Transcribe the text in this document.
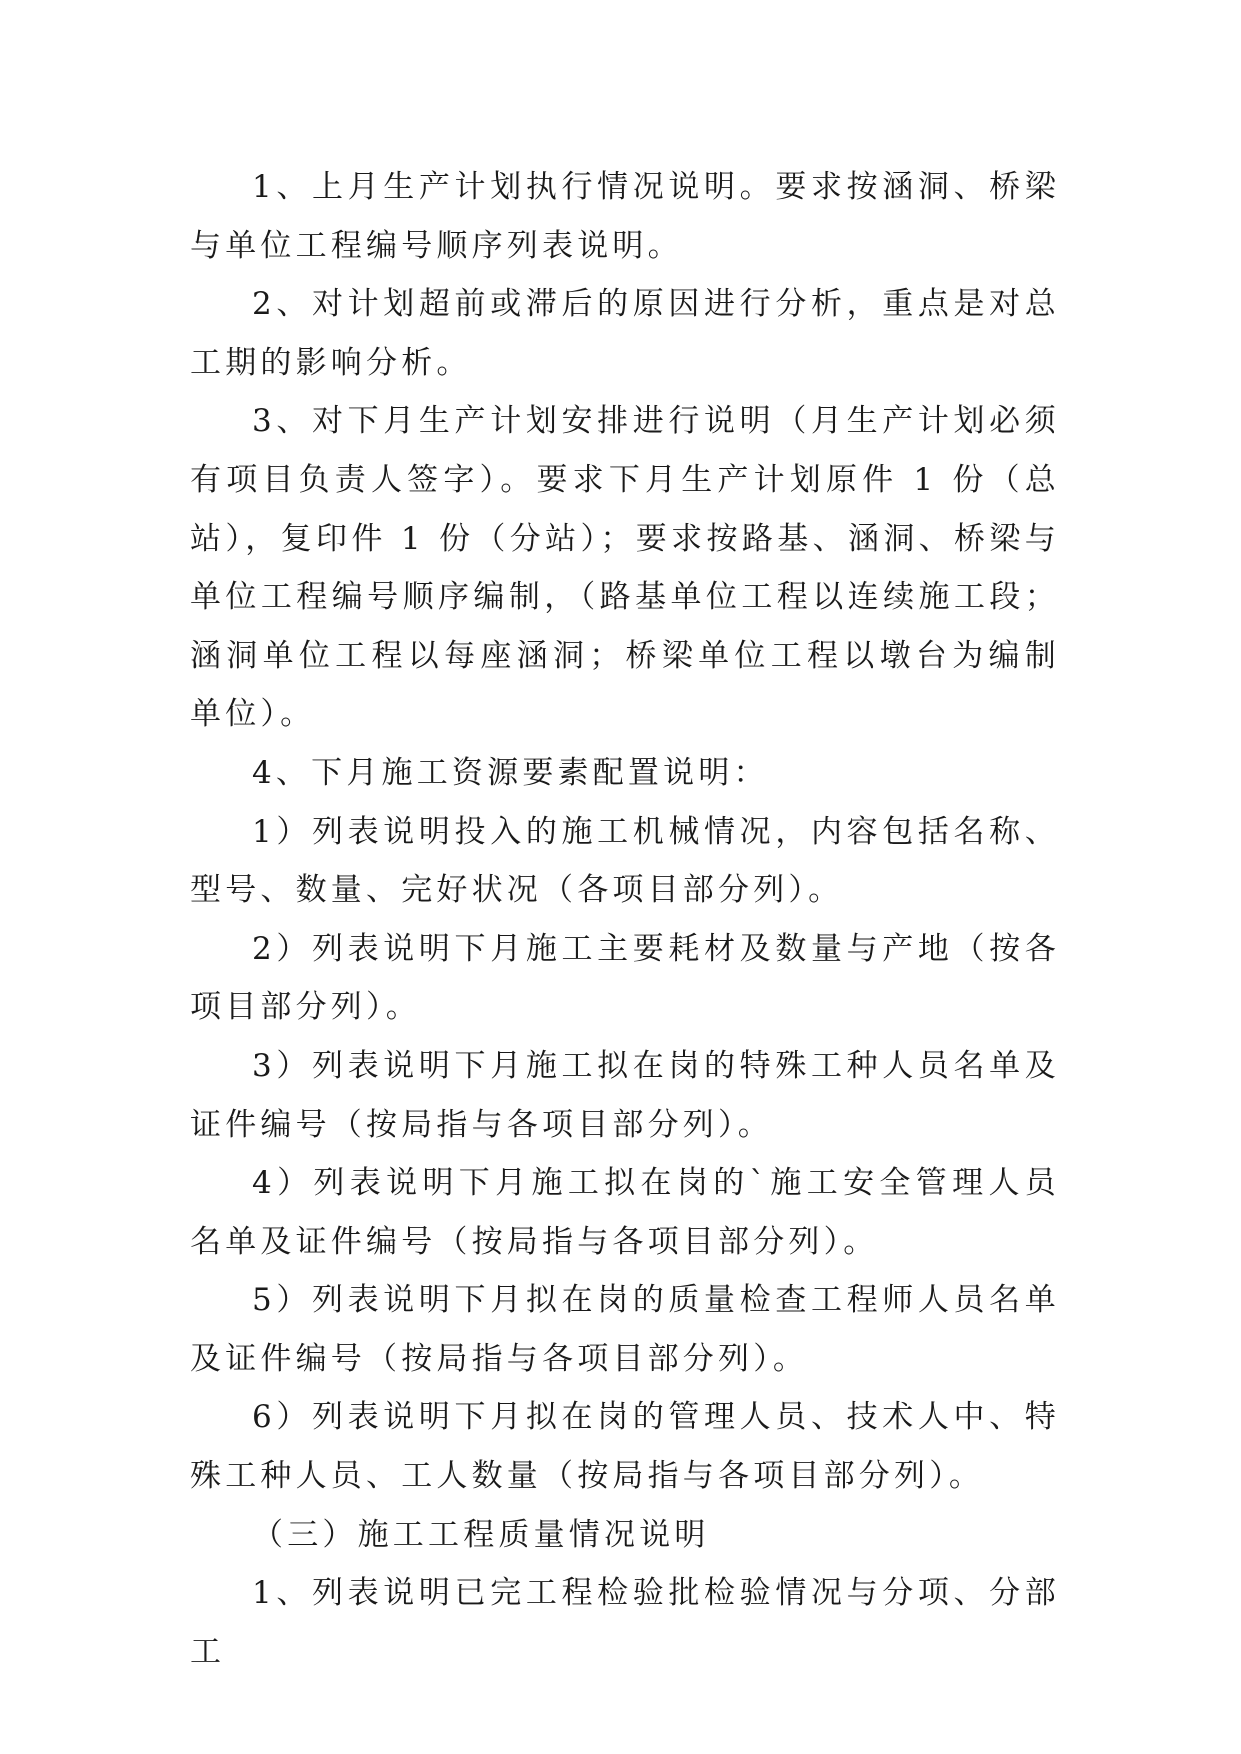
1、上月生产计划执行情况说明。要求按涵洞、桥梁与单位工程编号顺序列表说明。

2、对计划超前或滞后的原因进行分析，重点是对总工期的影响分析。

3、对下月生产计划安排进行说明（月生产计划必须有项目负责人签字）。要求下月生产计划原件 1 份（总站），复印件 1 份（分站）；要求按路基、涵洞、桥梁与单位工程编号顺序编制，（路基单位工程以连续施工段；涵洞单位工程以每座涵洞；桥梁单位工程以墩台为编制单位）。

4、下月施工资源要素配置说明：

1）列表说明投入的施工机械情况，内容包括名称、型号、数量、完好状况（各项目部分列）。

2）列表说明下月施工主要耗材及数量与产地（按各项目部分列）。

3）列表说明下月施工拟在岗的特殊工种人员名单及证件编号（按局指与各项目部分列）。

4）列表说明下月施工拟在岗的`施工安全管理人员名单及证件编号（按局指与各项目部分列）。

5）列表说明下月拟在岗的质量检查工程师人员名单及证件编号（按局指与各项目部分列）。

6）列表说明下月拟在岗的管理人员、技术人中、特殊工种人员、工人数量（按局指与各项目部分列）。

（三）施工工程质量情况说明

1、列表说明已完工程检验批检验情况与分项、分部工
